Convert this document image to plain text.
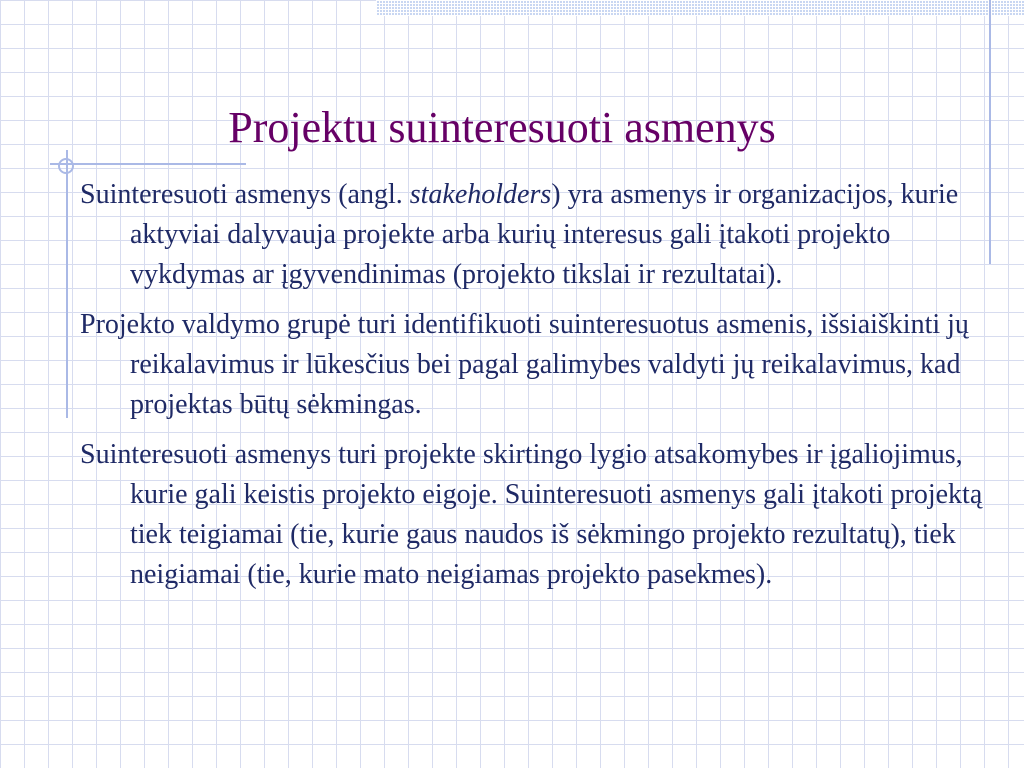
Projektu suinteresuoti asmenys

Suinteresuoti asmenys (angl. stakeholders) yra asmenys ir organizacijos, kurie aktyviai dalyvauja projekte arba kurių interesus gali įtakoti projekto vykdymas ar įgyvendinimas (projekto tikslai ir rezultatai).

Projekto valdymo grupė turi identifikuoti suinteresuotus asmenis, išsiaiškinti jų reikalavimus ir lūkesčius bei pagal galimybes valdyti jų reikalavimus, kad projektas būtų sėkmingas.

Suinteresuoti asmenys turi projekte skirtingo lygio atsakomybes ir įgaliojimus, kurie gali keistis projekto eigoje. Suinteresuoti asmenys gali įtakoti projektą tiek teigiamai (tie, kurie gaus naudos iš sėkmingo projekto rezultatų), tiek neigiamai (tie, kurie mato neigiamas projekto pasekmes).
